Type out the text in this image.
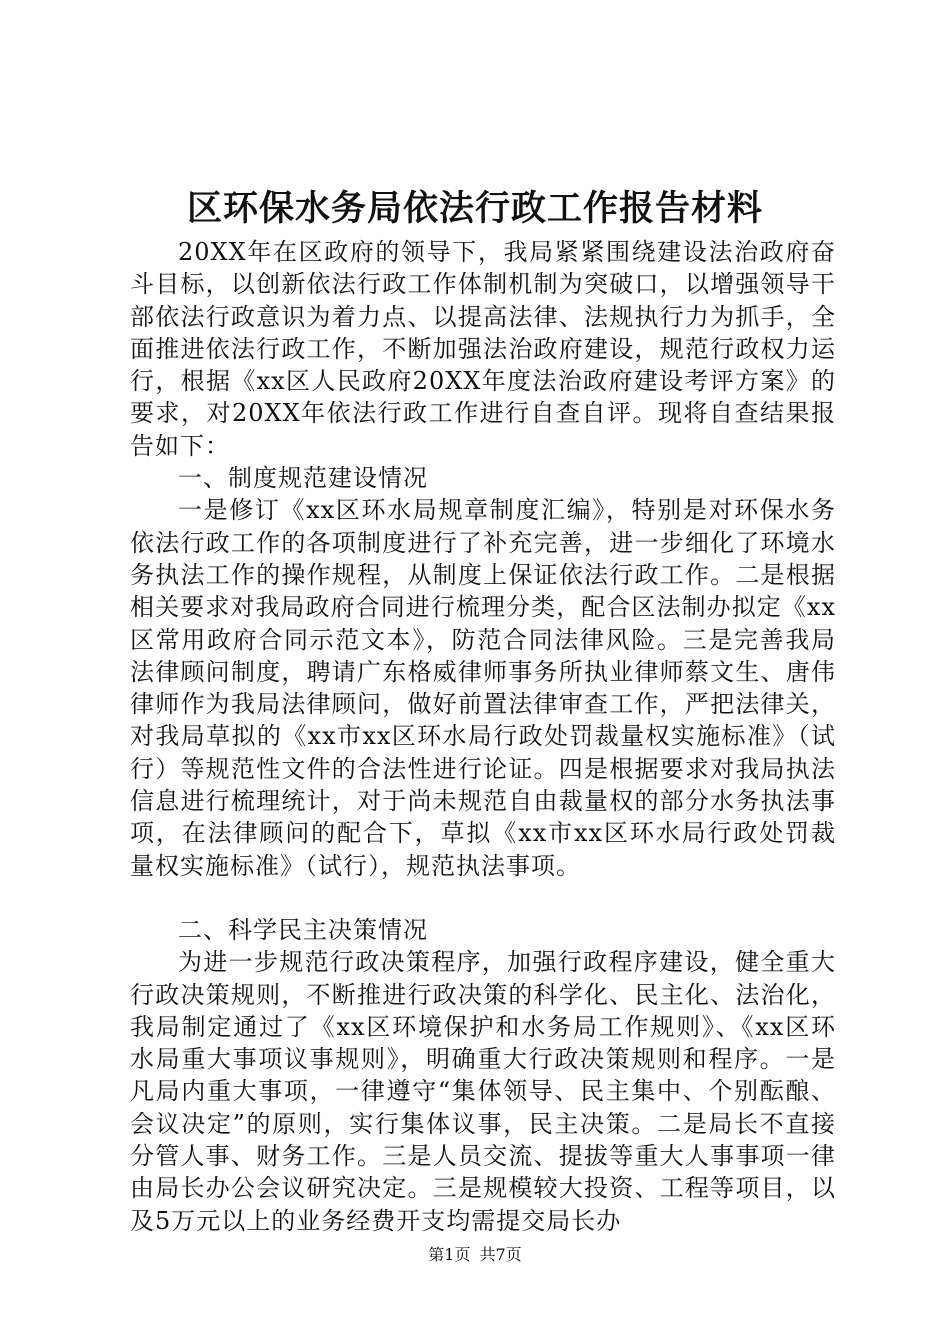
区环保水务局依法行政工作报告材料

20XX年在区政府的领导下，我局紧紧围绕建设法治政府奋斗目标，以创新依法行政工作体制机制为突破口，以增强领导干部依法行政意识为着力点、以提高法律、法规执行力为抓手，全面推进依法行政工作，不断加强法治政府建设，规范行政权力运行，根据《xx区人民政府20XX年度法治政府建设考评方案》的要求，对20XX年依法行政工作进行自查自评。现将自查结果报告如下：

一、制度规范建设情况

一是修订《xx区环水局规章制度汇编》，特别是对环保水务依法行政工作的各项制度进行了补充完善，进一步细化了环境水务执法工作的操作规程，从制度上保证依法行政工作。二是根据相关要求对我局政府合同进行梳理分类，配合区法制办拟定《xx区常用政府合同示范文本》，防范合同法律风险。三是完善我局法律顾问制度，聘请广东格威律师事务所执业律师蔡文生、唐伟律师作为我局法律顾问，做好前置法律审查工作，严把法律关，对我局草拟的《xx市xx区环水局行政处罚裁量权实施标准》（试行）等规范性文件的合法性进行论证。四是根据要求对我局执法信息进行梳理统计，对于尚未规范自由裁量权的部分水务执法事项，在法律顾问的配合下，草拟《xx市xx区环水局行政处罚裁量权实施标准》（试行），规范执法事项。

二、科学民主决策情况

为进一步规范行政决策程序，加强行政程序建设，健全重大行政决策规则，不断推进行政决策的科学化、民主化、法治化，我局制定通过了《xx区环境保护和水务局工作规则》、《xx区环水局重大事项议事规则》，明确重大行政决策规则和程序。一是凡局内重大事项，一律遵守“集体领导、民主集中、个别酝酿、会议决定”的原则，实行集体议事，民主决策。二是局长不直接分管人事、财务工作。三是人员交流、提拔等重大人事事项一律由局长办公会议研究决定。三是规模较大投资、工程等项目，以及5万元以上的业务经费开支均需提交局长办

第1页 共7页
